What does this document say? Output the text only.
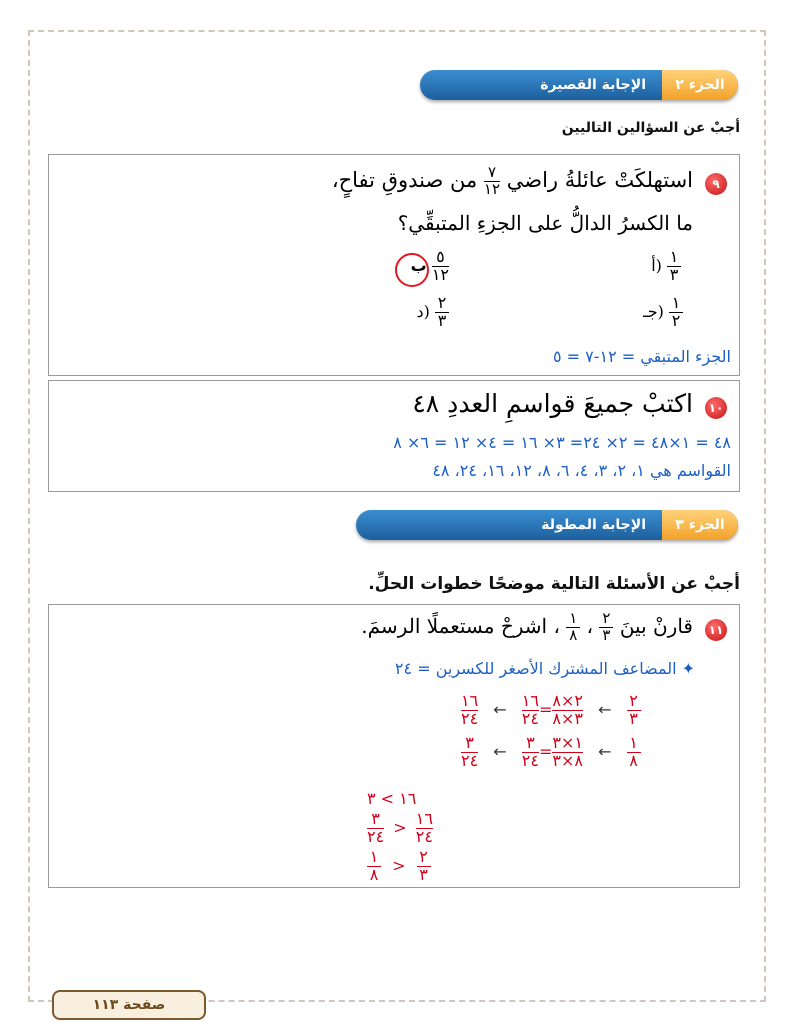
الجزء ٢
الإجابة القصيرة
أجبْ عن السؤالين التاليين
٩
استهلكَتْ عائلةُ راضي
$\frac{٧}{١٢}$
من صندوقِ تفاحٍ،
ما الكسرُ الدالُّ على الجزءِ المتبقِّي؟
أ) $\frac{١}{٣}$
ب $\frac{٥}{١٢}$
جـ) $\frac{١}{٢}$
د) $\frac{٢}{٣}$
الجزء المتبقي = ١٢-٧ = ٥
١٠
اكتبْ جميعَ قواسمِ العددِ ٤٨
٤٨ = ١×٤٨ = ٢× ٢٤= ٣× ١٦ = ٤× ١٢ = ٦× ٨
القواسم هي ١، ٢، ٣، ٤، ٦، ٨، ١٢، ١٦، ٢٤، ٤٨
الجزء ٣
الإجابة المطولة
أجبْ عن الأسئلة التالية موضحًا خطوات الحلِّ.
١١
قارنْ بينَ
$\frac{٢}{٣}$
،
$\frac{١}{٨}$
، اشرحْ مستعملًا الرسمَ.
✦ المضاعف المشترك الأصغر للكسرين = ٢٤
$\frac{١٦}{٢٤}$ ← $\frac{١٦}{٢٤} = \frac{٢\times ٨}{٣\times ٨}$ ← $\frac{٢}{٣}$
$\frac{٣}{٢٤}$ ← $\frac{٣}{٢٤} = \frac{١\times ٣}{٨\times ٣}$ ← $\frac{١}{٨}$
١٦ > ٣
$\frac{٣}{٢٤} > \frac{١٦}{٢٤}$
$\frac{١}{٨} > \frac{٢}{٣}$
صفحة ١١٣
